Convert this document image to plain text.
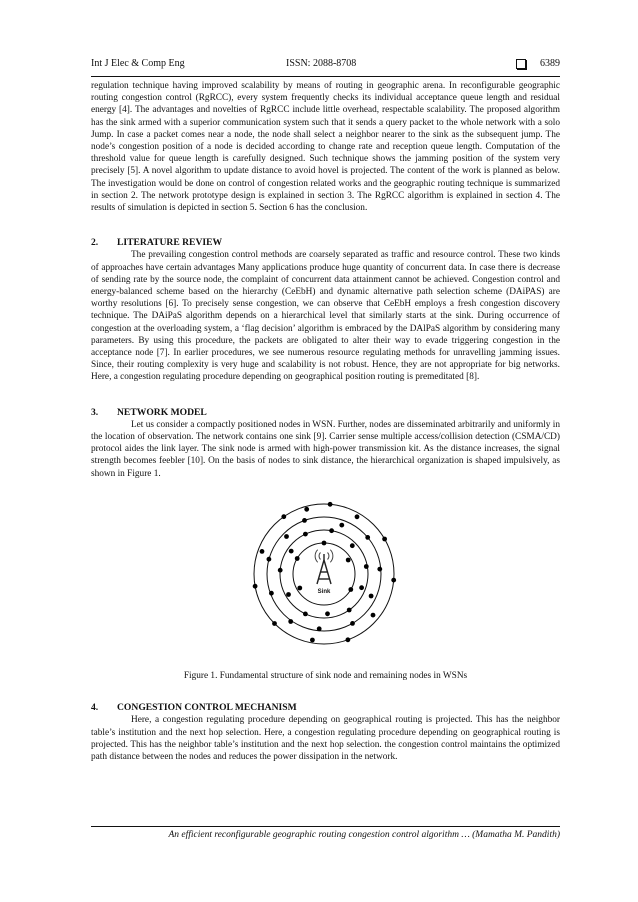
Int J Elec & Comp Eng	ISSN: 2088-8708	6389

regulation technique having improved scalability by means of routing in geographic arena. In reconfigurable geographic routing congestion control (RgRCC), every system frequently checks its individual acceptance queue length and residual energy [4]. The advantages and novelties of RgRCC include little overhead, respectable scalability. The proposed algorithm has the sink armed with a superior communication system such that it sends a query packet to the whole network with a solo Jump. In case a packet comes near a node, the node shall select a neighbor nearer to the sink as the subsequent jump. The node’s congestion position of a node is decided according to change rate and reception queue length. Computation of the threshold value for queue length is carefully designed. Such technique shows the jamming position of the system very precisely [5]. A novel algorithm to update distance to avoid hovel is projected. The content of the work is planned as below. The investigation would be done on control of congestion related works and the geographic routing technique is summarized in section 2. The network prototype design is explained in section 3. The RgRCC algorithm is explained in section 4. The results of simulation is depicted in section 5. Section 6 has the conclusion.

2. LITERATURE REVIEW

The prevailing congestion control methods are coarsely separated as traffic and resource control. These two kinds of approaches have certain advantages Many applications produce huge quantity of concurrent data. In case there is decrease of sending rate by the source node, the complaint of concurrent data attainment cannot be achieved. Congestion control and energy-balanced scheme based on the hierarchy (CeEbH) and dynamic alternative path selection scheme (DAiPAS) are worthy resolutions [6]. To precisely sense congestion, we can observe that CeEbH employs a fresh congestion discovery technique. The DAiPaS algorithm depends on a hierarchical level that similarly starts at the sink. During occurrence of congestion at the overloading system, a ‘flag decision’ algorithm is embraced by the DAlPaS algorithm by considering many parameters. By using this procedure, the packets are obligated to alter their way to evade triggering congestion in the acceptance node [7]. In earlier procedures, we see numerous resource regulating methods for unravelling jamming issues. Since, their routing complexity is very huge and scalability is not robust. Hence, they are not appropriate for big networks. Here, a congestion regulating procedure depending on geographical position routing is premeditated [8].

3. NETWORK MODEL

Let us consider a compactly positioned nodes in WSN. Further, nodes are disseminated arbitrarily and uniformly in the location of observation. The network contains one sink [9]. Carrier sense multiple access/collision detection (CSMA/CD) protocol aides the link layer. The sink node is armed with high-power transmission kit. As the distance increases, the signal strength becomes feebler [10]. On the basis of nodes to sink distance, the hierarchical organization is shaped impulsively, as shown in Figure 1.

Sink

Figure 1. Fundamental structure of sink node and remaining nodes in WSNs

4. CONGESTION CONTROL MECHANISM

Here, a congestion regulating procedure depending on geographical routing is projected. This has the neighbor table’s institution and the next hop selection. Here, a congestion regulating procedure depending on geographical routing is projected. This has the neighbor table’s institution and the next hop selection. the congestion control maintains the optimized path distance between the nodes and reduces the power dissipation in the network.

An efficient reconfigurable geographic routing congestion control algorithm … (Mamatha M. Pandith)
